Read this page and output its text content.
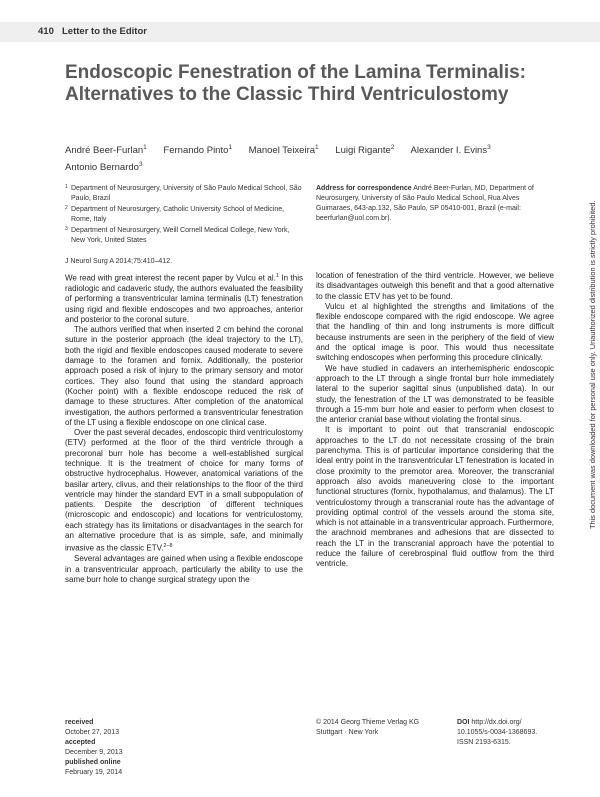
410 Letter to the Editor
Endoscopic Fenestration of the Lamina Terminalis: Alternatives to the Classic Third Ventriculostomy
André Beer-Furlan$^1$ Fernando Pinto$^1$ Manoel Teixeira$^1$ Luigi Rigante$^2$ Alexander I. Evins$^3$
Antonio Bernardo$^3$
1 Department of Neurosurgery, University of São Paulo Medical School, São Paulo, Brazil
2 Department of Neurosurgery, Catholic University School of Medicine, Rome, Italy
3 Department of Neurosurgery, Weill Cornell Medical College, New York, New York, United States
J Neurol Surg A 2014;75:410–412.
Address for correspondence André Beer-Furlan, MD, Department of Neurosurgery, University of São Paulo Medical School, Rua Alves Guimaraes, 643-ap.132, São Paulo, SP 05410-001, Brazil (e-mail: beerfurlan@uol.com.br).

We read with great interest the recent paper by Vulcu et al.$^1$ In this radiologic and cadaveric study, the authors evaluated the feasibility of performing a transventricular lamina terminalis (LT) fenestration using rigid and flexible endoscopes and two approaches, anterior and posterior to the coronal suture.

The authors verified that when inserted 2 cm behind the coronal suture in the posterior approach (the ideal trajectory to the LT), both the rigid and flexible endoscopes caused moderate to severe damage to the foramen and fornix. Additionally, the posterior approach posed a risk of injury to the primary sensory and motor cortices. They also found that using the standard approach (Kocher point) with a flexible endoscope reduced the risk of damage to these structures. After completion of the anatomical investigation, the authors performed a transventricular fenestration of the LT using a flexible endoscope on one clinical case.

Over the past several decades, endoscopic third ventriculostomy (ETV) performed at the floor of the third ventricle through a precoronal burr hole has become a well-established surgical technique. It is the treatment of choice for many forms of obstructive hydrocephalus. However, anatomical variations of the basilar artery, clivus, and their relationships to the floor of the third ventricle may hinder the standard EVT in a small subpopulation of patients. Despite the description of different techniques (microscopic and endoscopic) and locations for ventriculostomy, each strategy has its limitations or disadvantages in the search for an alternative procedure that is as simple, safe, and minimally invasive as the classic ETV.$^{2-8}$

Several advantages are gained when using a flexible endoscope in a transventricular approach, particularly the ability to use the same burr hole to change surgical strategy upon the

location of fenestration of the third ventricle. However, we believe its disadvantages outweigh this benefit and that a good alternative to the classic ETV has yet to be found.

Vulcu et al highlighted the strengths and limitations of the flexible endoscope compared with the rigid endoscope. We agree that the handling of thin and long instruments is more difficult because instruments are seen in the periphery of the field of view and the optical image is poor. This would thus necessitate switching endoscopes when performing this procedure clinically.

We have studied in cadavers an interhemispheric endoscopic approach to the LT through a single frontal burr hole immediately lateral to the superior sagittal sinus (unpublished data). In our study, the fenestration of the LT was demonstrated to be feasible through a 15-mm burr hole and easier to perform when closest to the anterior cranial base without violating the frontal sinus.

It is important to point out that transcranial endoscopic approaches to the LT do not necessitate crossing of the brain parenchyma. This is of particular importance considering that the ideal entry point in the transventricular LT fenestration is located in close proximity to the premotor area. Moreover, the transcranial approach also avoids maneuvering close to the important functional structures (fornix, hypothalamus, and thalamus). The LT ventriculostomy through a transcranial route has the advantage of providing optimal control of the vessels around the stoma site, which is not attainable in a transventricular approach. Furthermore, the arachnoid membranes and adhesions that are dissected to reach the LT in the transcranial approach have the potential to reduce the failure of cerebrospinal fluid outflow from the third ventricle.

received
October 27, 2013
accepted
December 9, 2013
published online
February 19, 2014
© 2014 Georg Thieme Verlag KG
Stuttgart · New York
DOI http://dx.doi.org/
10.1055/s-0034-1368693.
ISSN 2193-6315.
This document was downloaded for personal use only. Unauthorized distribution is strictly prohibited.
